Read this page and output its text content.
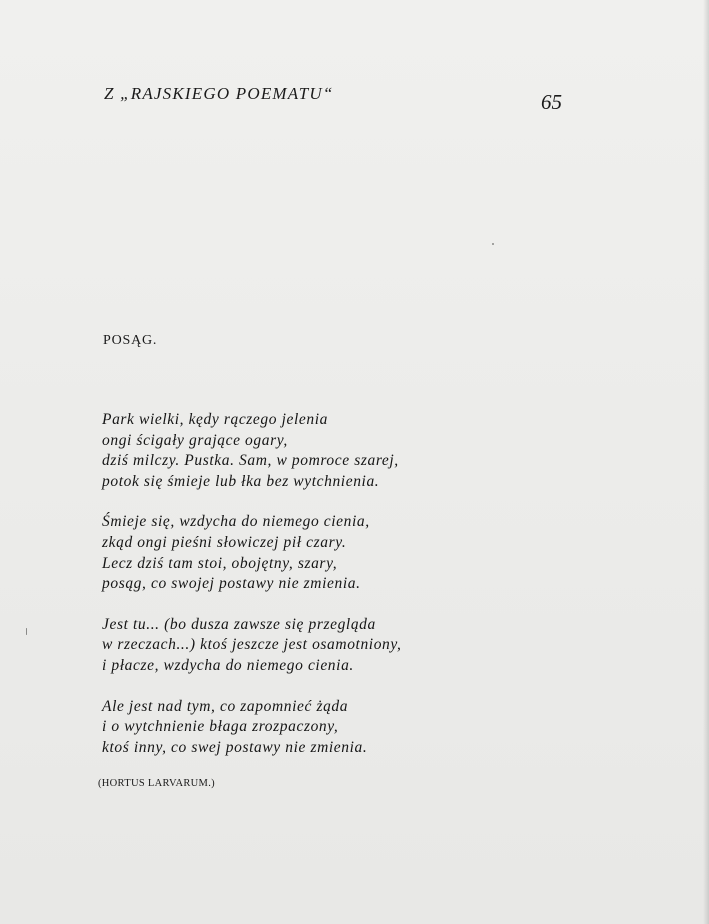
Z „RAJSKIEGO POEMATU“	65
POSĄG.
Park wielki, kędy rączego jelenia
ongi ścigały grające ogary,
dziś milczy. Pustka. Sam, w pomroce szarej,
potok się śmieje lub łka bez wytchnienia.
Śmieje się, wzdycha do niemego cienia,
zkąd ongi pieśni słowiczej pił czary.
Lecz dziś tam stoi, obojętny, szary,
posąg, co swojej postawy nie zmienia.
Jest tu... (bo dusza zawsze się przegląda
w rzeczach...) ktoś jeszcze jest osamotniony,
i płacze, wzdycha do niemego cienia.
Ale jest nad tym, co zapomnieć żąda
i o wytchnienie błaga zrozpaczony,
ktoś inny, co swej postawy nie zmienia.
(HORTUS LARVARUM.)
